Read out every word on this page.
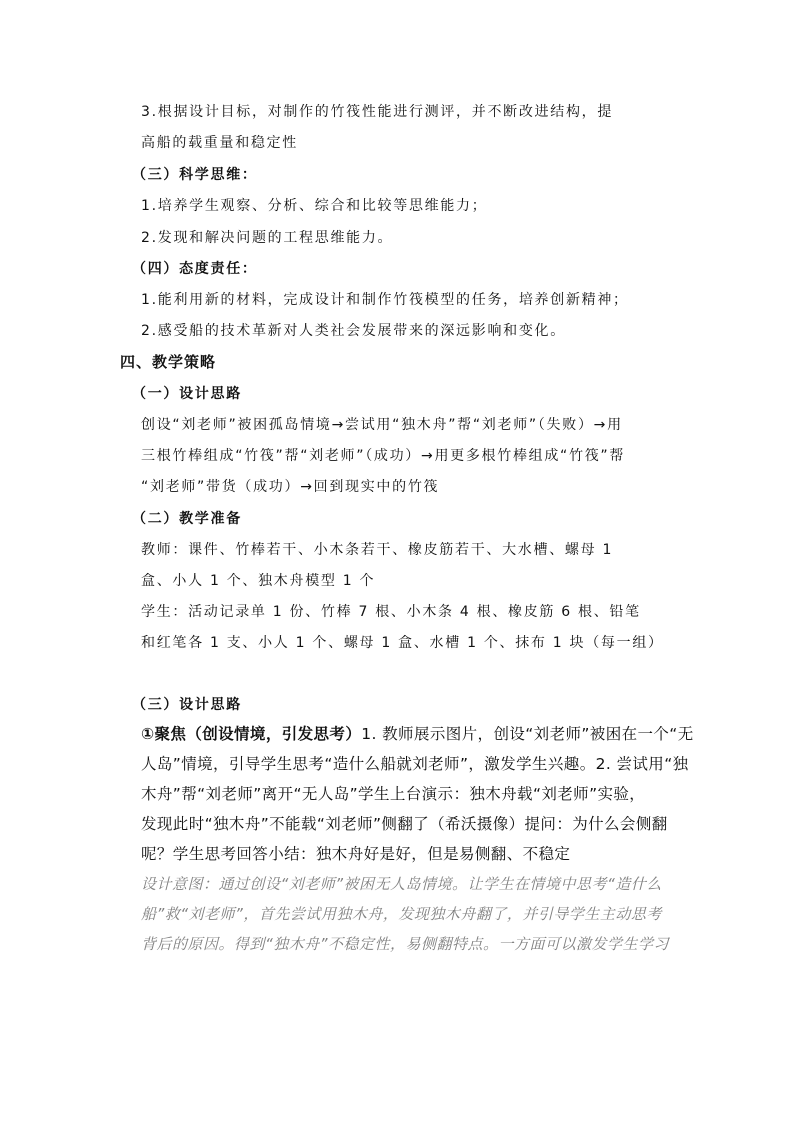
3.根据设计目标，对制作的竹筏性能进行测评，并不断改进结构，提
高船的载重量和稳定性
（三）科学思维：
1.培养学生观察、分析、综合和比较等思维能力；
2.发现和解决问题的工程思维能力。
（四）态度责任：
1.能利用新的材料，完成设计和制作竹筏模型的任务，培养创新精神；
2.感受船的技术革新对人类社会发展带来的深远影响和变化。
四、教学策略
（一）设计思路
创设“刘老师”被困孤岛情境→尝试用“独木舟”帮“刘老师”（失败）→用
三根竹棒组成“竹筏”帮“刘老师”（成功）→用更多根竹棒组成“竹筏”帮
“刘老师”带货（成功）→回到现实中的竹筏
（二）教学准备
教师：课件、竹棒若干、小木条若干、橡皮筋若干、大水槽、螺母 1
盒、小人 1 个、独木舟模型 1 个
学生：活动记录单 1 份、竹棒 7 根、小木条 4 根、橡皮筋 6 根、铅笔
和红笔各 1 支、小人 1 个、螺母 1 盒、水槽 1 个、抹布 1 块（每一组）
（三）设计思路
①聚焦（创设情境，引发思考）1. 教师展示图片，创设“刘老师”被困在一个“无
人岛”情境，引导学生思考“造什么船就刘老师”，激发学生兴趣。2. 尝试用“独
木舟”帮“刘老师”离开“无人岛”学生上台演示：独木舟载“刘老师”实验，
发现此时“独木舟”不能载“刘老师”侧翻了（希沃摄像）提问：为什么会侧翻
呢？学生思考回答小结：独木舟好是好，但是易侧翻、不稳定
设计意图：通过创设“刘老师”被困无人岛情境。让学生在情境中思考“造什么
船”救“刘老师”，首先尝试用独木舟，发现独木舟翻了，并引导学生主动思考
背后的原因。得到“独木舟”不稳定性，易侧翻特点。一方面可以激发学生学习
